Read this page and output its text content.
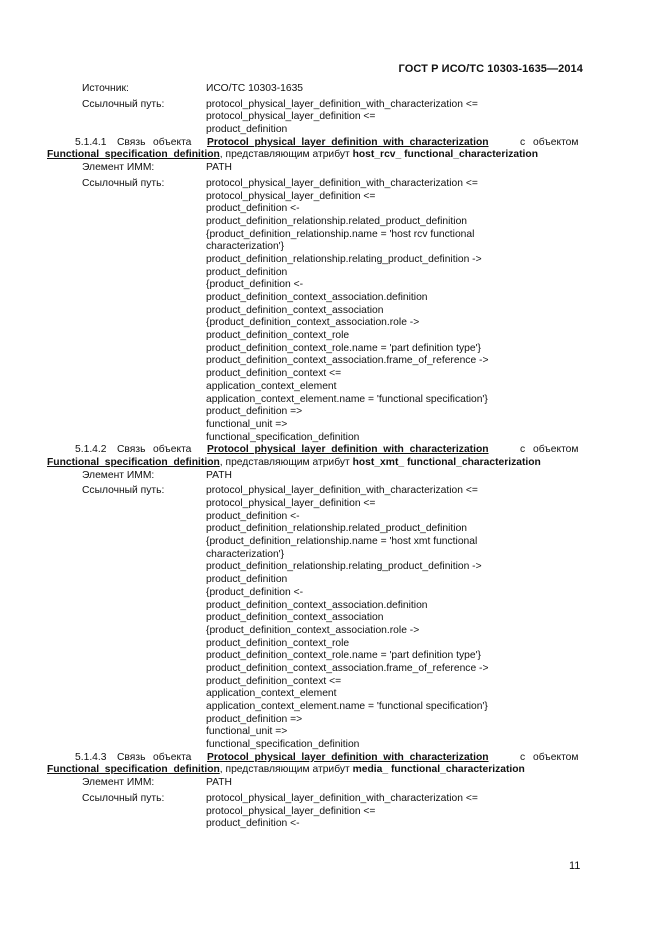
ГОСТ Р ИСО/ТС 10303-1635—2014
Источник:	ИСО/ТС 10303-1635
Ссылочный путь:	protocol_physical_layer_definition_with_characterization <=
protocol_physical_layer_definition <=
product_definition
5.1.4.1 Связь объекта Protocol_physical_layer_definition_with_characterization	с объектом
Functional_specification_definition, представляющим атрибут host_rcv_ functional_characterization
Элемент ИММ:	PATH
Ссылочный путь:	protocol_physical_layer_definition_with_characterization <=
protocol_physical_layer_definition <=
product_definition <-
product_definition_relationship.related_product_definition
{product_definition_relationship.name = 'host rcv functional
characterization'}
product_definition_relationship.relating_product_definition ->
product_definition
{product_definition <-
product_definition_context_association.definition
product_definition_context_association
{product_definition_context_association.role ->
product_definition_context_role
product_definition_context_role.name = 'part definition type'}
product_definition_context_association.frame_of_reference ->
product_definition_context <=
application_context_element
application_context_element.name = 'functional specification'}
product_definition =>
functional_unit =>
functional_specification_definition
5.1.4.2 Связь объекта Protocol_physical_layer_definition_with_characterization	с объектом
Functional_specification_definition, представляющим атрибут host_xmt_ functional_characterization
Элемент ИММ:	PATH
Ссылочный путь:	protocol_physical_layer_definition_with_characterization <=
protocol_physical_layer_definition <=
product_definition <-
product_definition_relationship.related_product_definition
{product_definition_relationship.name = 'host xmt functional
characterization'}
product_definition_relationship.relating_product_definition ->
product_definition
{product_definition <-
product_definition_context_association.definition
product_definition_context_association
{product_definition_context_association.role ->
product_definition_context_role
product_definition_context_role.name = 'part definition type'}
product_definition_context_association.frame_of_reference ->
product_definition_context <=
application_context_element
application_context_element.name = 'functional specification'}
product_definition =>
functional_unit =>
functional_specification_definition
5.1.4.3 Связь объекта Protocol_physical_layer_definition_with_characterization	с объектом
Functional_specification_definition, представляющим атрибут media_ functional_characterization
Элемент ИММ:	PATH
Ссылочный путь:	protocol_physical_layer_definition_with_characterization <=
protocol_physical_layer_definition <=
product_definition <-
11
